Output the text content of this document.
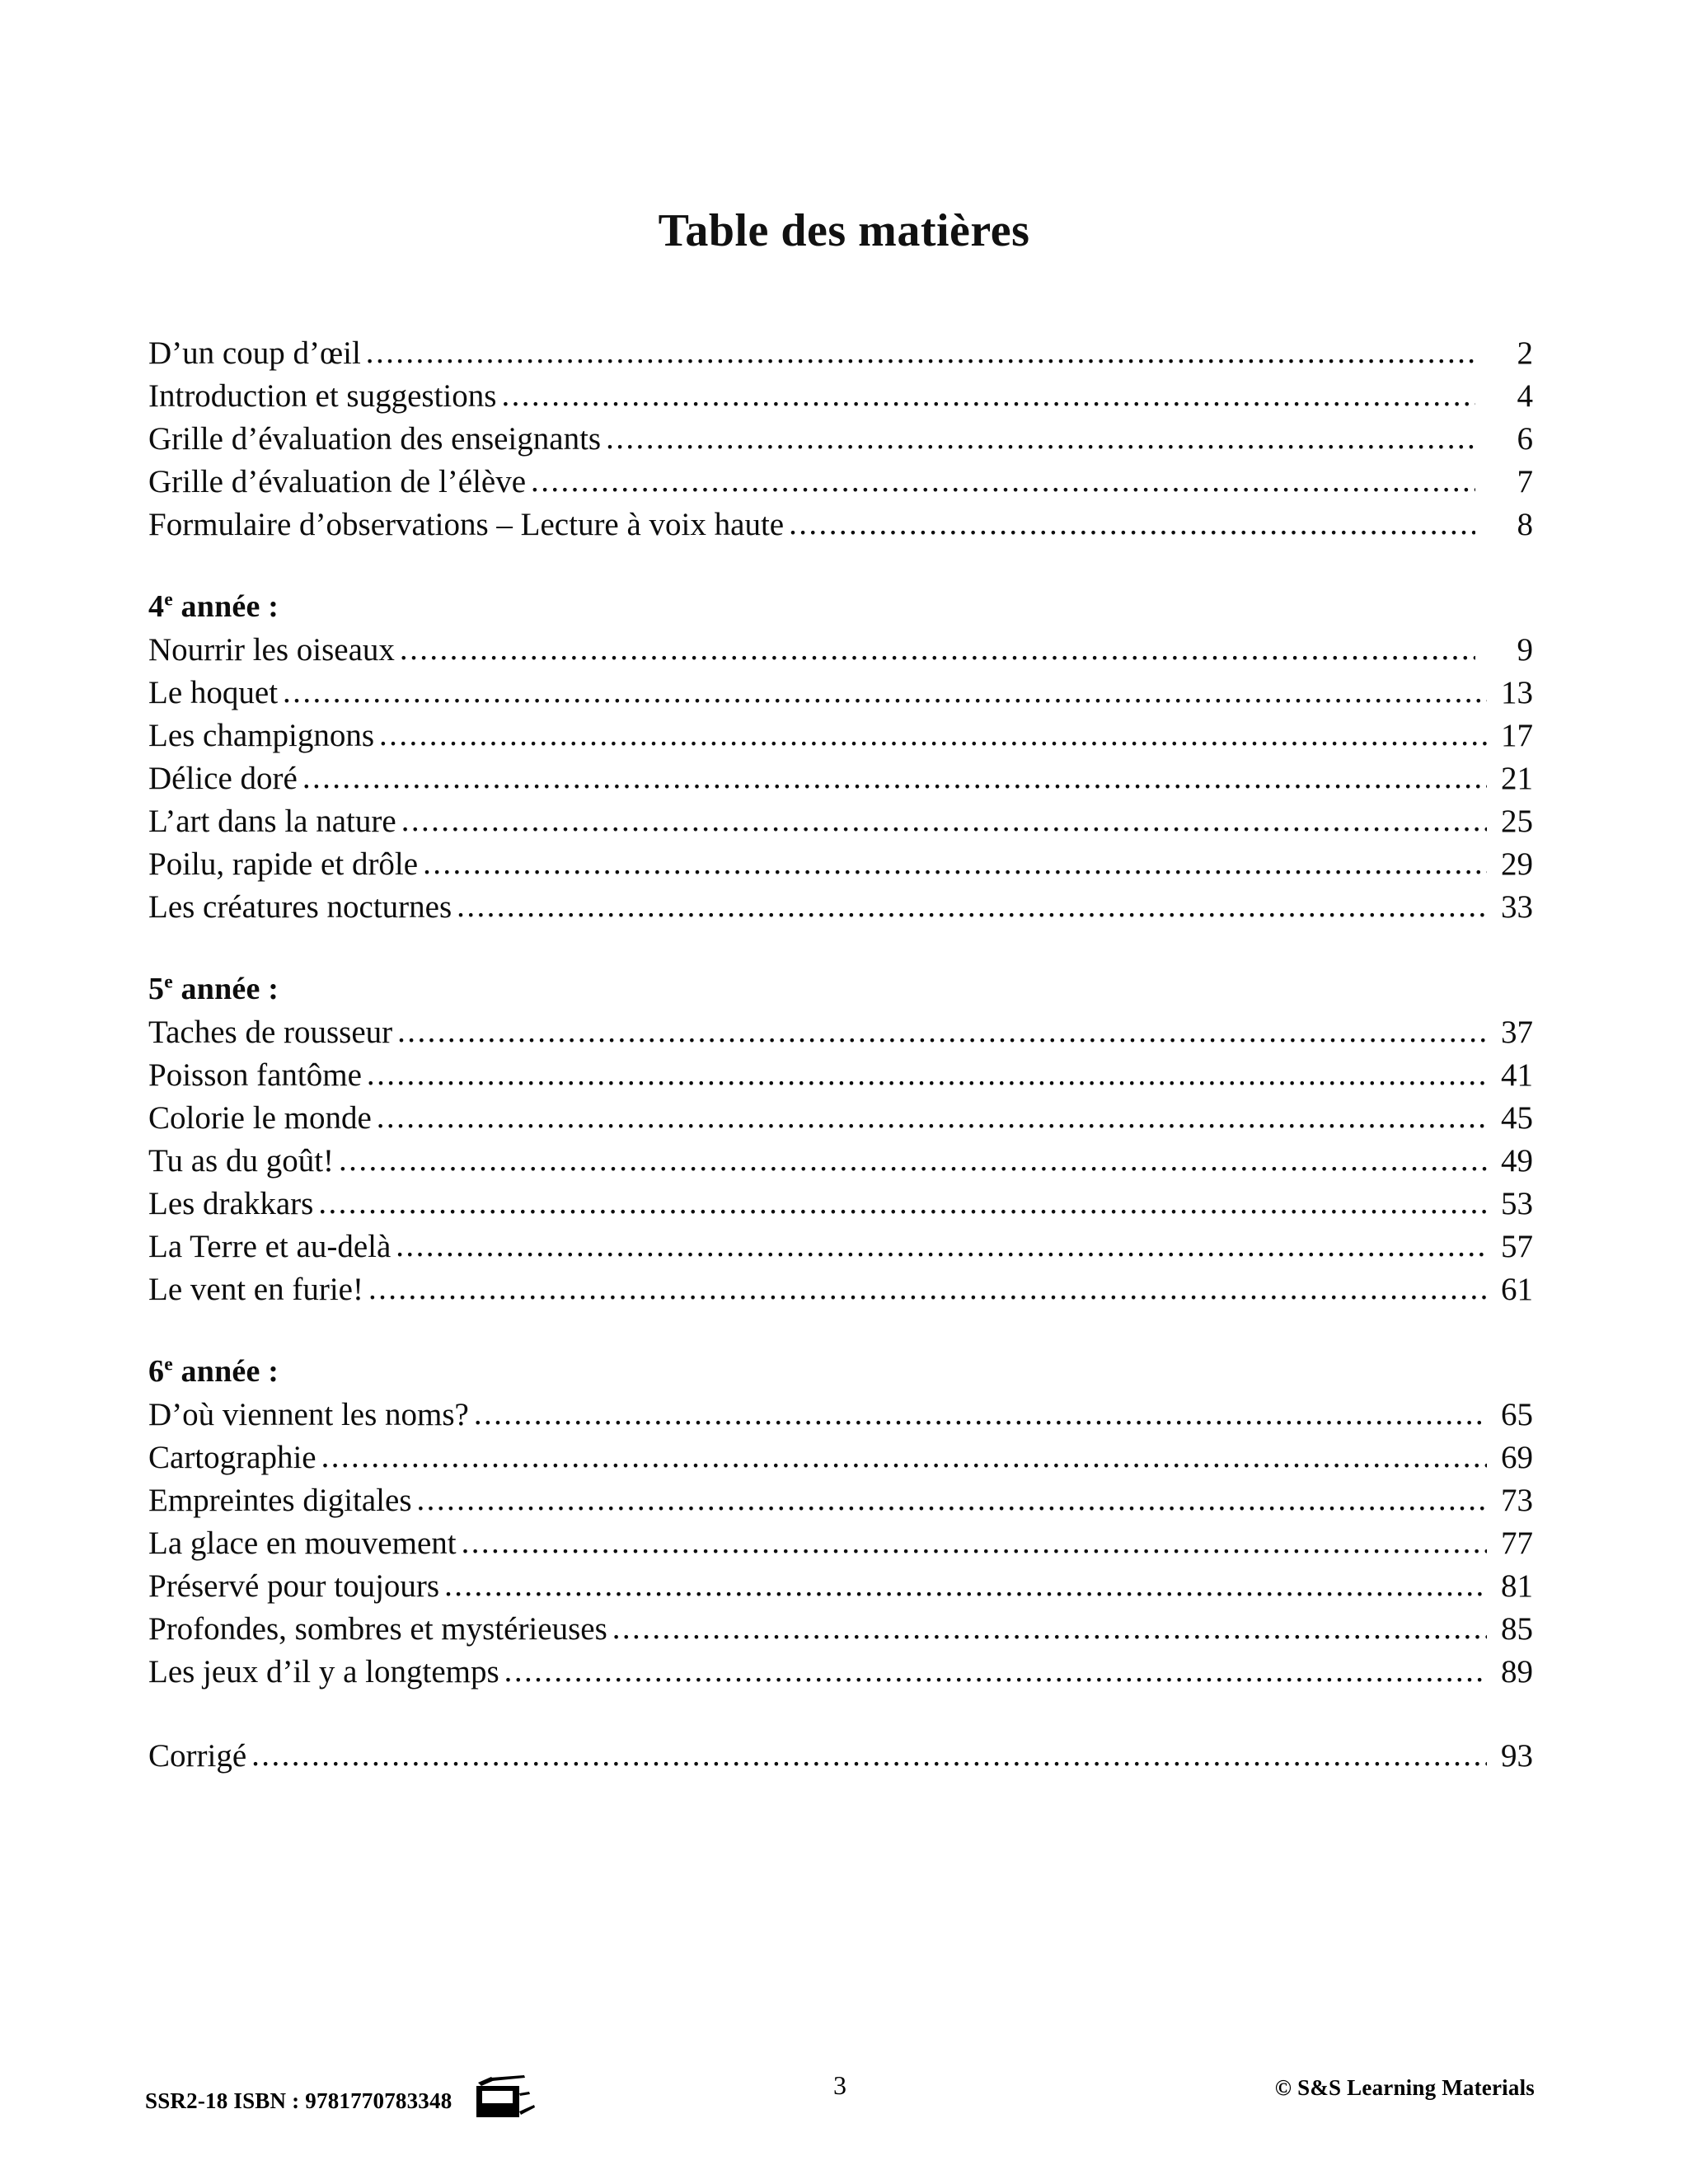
Table des matières
D’un coup d’œil .....	2
Introduction et suggestions .....	4
Grille d’évaluation des enseignants .....	6
Grille d’évaluation de l’élève .....	7
Formulaire d’observations – Lecture à voix haute .....	8
4e année :
Nourrir les oiseaux .....	9
Le hoquet .....	13
Les champignons .....	17
Délice doré .....	21
L’art dans la nature .....	25
Poilu, rapide et drôle .....	29
Les créatures nocturnes .....	33
5e année :
Taches de rousseur .....	37
Poisson fantôme .....	41
Colorie le monde .....	45
Tu as du goût! .....	49
Les drakkars .....	53
La Terre et au-delà .....	57
Le vent en furie! .....	61
6e année :
D’où viennent les noms? .....	65
Cartographie .....	69
Empreintes digitales .....	73
La glace en mouvement .....	77
Préservé pour toujours .....	81
Profondes, sombres et mystérieuses .....	85
Les jeux d’il y a longtemps .....	89
Corrigé .....	93
SSR2-18 ISBN : 9781770783348
3	© S&S Learning Materials
